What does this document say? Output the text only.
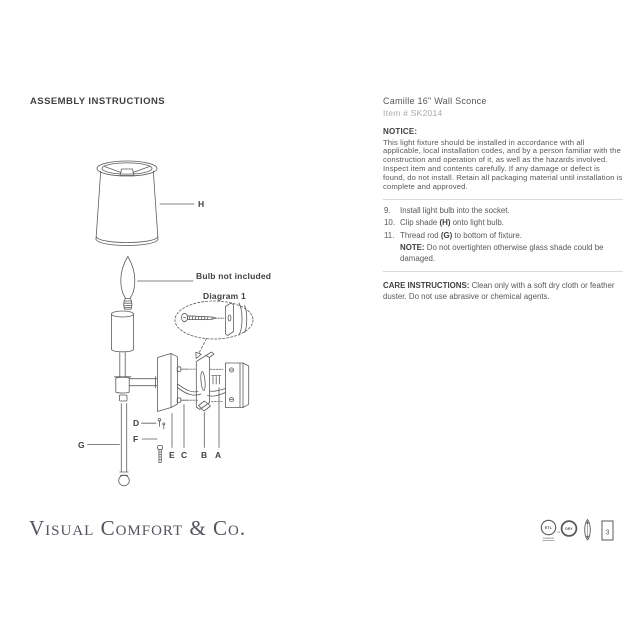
ASSEMBLY INSTRUCTIONS	Camille 16" Wall Sconce
Item # SK2014
NOTICE:
This light fixture should be installed in accordance with all applicable, local installation codes, and by a person familiar with the construction and operation of it, as well as the hazards involved. Inspect item and contents carefully. If any damage or defect is found, do not install. Retain all packaging material until installation is complete and approved.
9.	Install light bulb into the socket.
10. Clip shade (H) onto light bulb.
11. Thread rod (G) to bottom of fixture.
NOTE: Do not overtighten otherwise glass shade could be damaged.
CARE INSTRUCTIONS: Clean only with a soft dry cloth or feather duster. Do not use abrasive or chemical agents.
H
Bulb not included
Diagram 1
D
F
G
E C B A
Visual Comfort & Co.	ETL
us
Intertek
DRY
3
